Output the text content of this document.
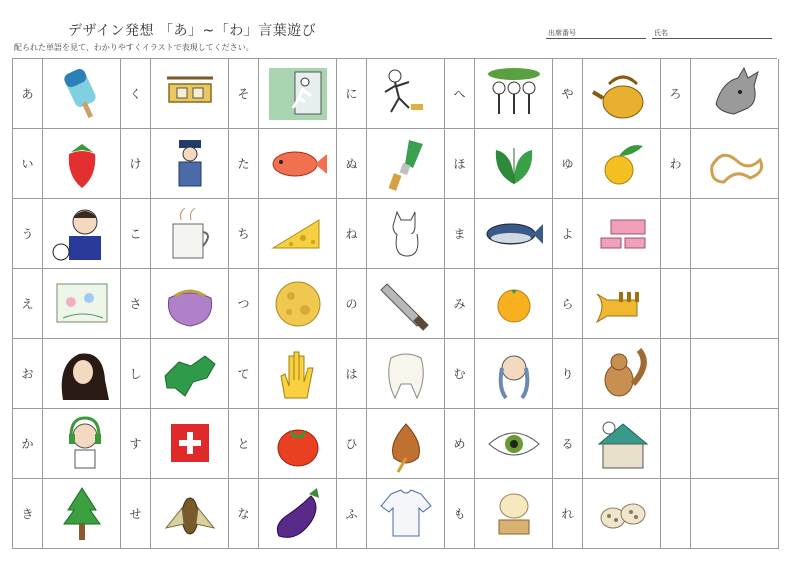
デザイン発想 「あ」~「わ」言葉遊び
配られた単語を見て、わかりやすくイラストで表現してください。
出席番号	氏名
あ	く	そ	に	へ	や	ろ
い	け	た	ぬ	ほ	ゆ	わ
う	こ	ち	ね	ま	よ
え	さ	つ	の	み	ら
お	し	て	は	む	り
か	す	と	ひ	め	る
き	せ	な	ふ	も	れ
